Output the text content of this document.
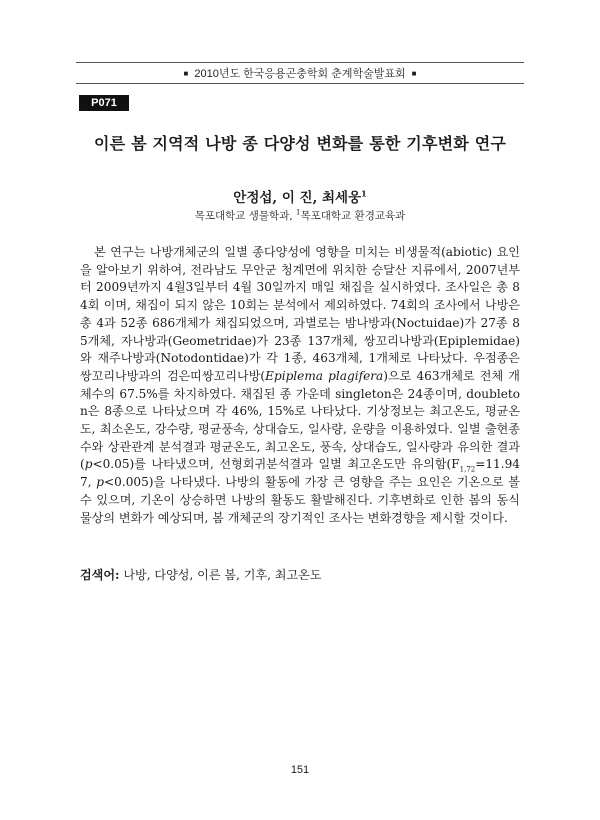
■ 2010년도 한국응용곤충학회 춘계학술발표회 ■
P071
이른 봄 지역적 나방 종 다양성 변화를 통한 기후변화 연구
안정섭, 이 진, 최세웅$^1$
목포대학교 생물학과, $^1$목포대학교 환경교육과

본 연구는 나방개체군의 일별 종다양성에 영향을 미치는 비생물적(abiotic) 요인을 알아보기 위하여, 전라남도 무안군 청계면에 위치한 승달산 지류에서, 2007년부터 2009년까지 4월3일부터 4월 30일까지 매일 채집을 실시하였다. 조사일은 총 84회 이며, 채집이 되지 않은 10회는 분석에서 제외하였다. 74회의 조사에서 나방은 총 4과 52종 686개체가 채집되었으며, 과별로는 밤나방과(Noctuidae)가 27종 85개체, 자나방과(Geometridae)가 23종 137개체, 쌍꼬리나방과(Epiplemidae)와 재주나방과(Notodontidae)가 각 1종, 463개체, 1개체로 나타났다. 우점종은 쌍꼬리나방과의 검은띠쌍꼬리나방(Epiplema plagifera)으로 463개체로 전체 개체수의 67.5%를 차지하였다. 채집된 종 가운데 singleton은 24종이며, doubleton은 8종으로 나타났으며 각 46%, 15%로 나타났다. 기상정보는 최고온도, 평균온도, 최소온도, 강수량, 평균풍속, 상대습도, 일사량, 운량을 이용하였다. 일별 출현종수와 상관관계 분석결과 평균온도, 최고온도, 풍속, 상대습도, 일사량과 유의한 결과(p<0.05)를 나타냈으며, 선형회귀분석결과 일별 최고온도만 유의함($F_{1,72}=11.947$, p<0.005)을 나타냈다. 나방의 활동에 가장 큰 영향을 주는 요인은 기온으로 볼 수 있으며, 기온이 상승하면 나방의 활동도 활발해진다. 기후변화로 인한 봄의 동식물상의 변화가 예상되며, 봄 개체군의 장기적인 조사는 변화경향을 제시할 것이다.

검색어: 나방, 다양성, 이른 봄, 기후, 최고온도
151
